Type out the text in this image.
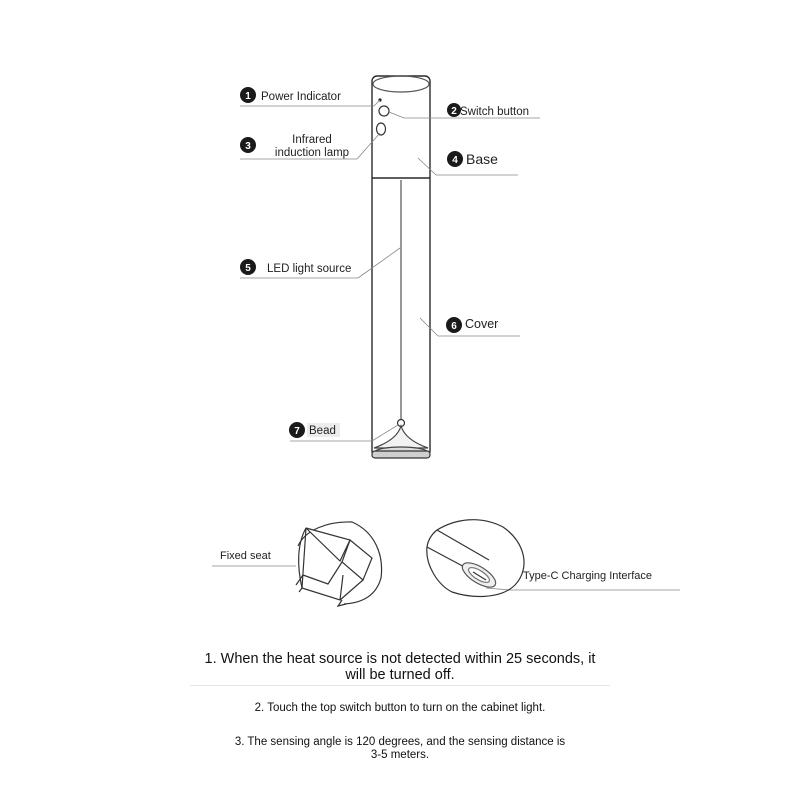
1 Power Indicator
2 Switch button
3
Infrared
induction lamp
4 Base
5 LED light source
6 Cover
7 Bead
Fixed seat
Type-C Charging Interface
1. When the heat source is not detected within 25 seconds, it
will be turned off.
2. Touch the top switch button to turn on the cabinet light.
3. The sensing angle is 120 degrees, and the sensing distance is
3-5 meters.
